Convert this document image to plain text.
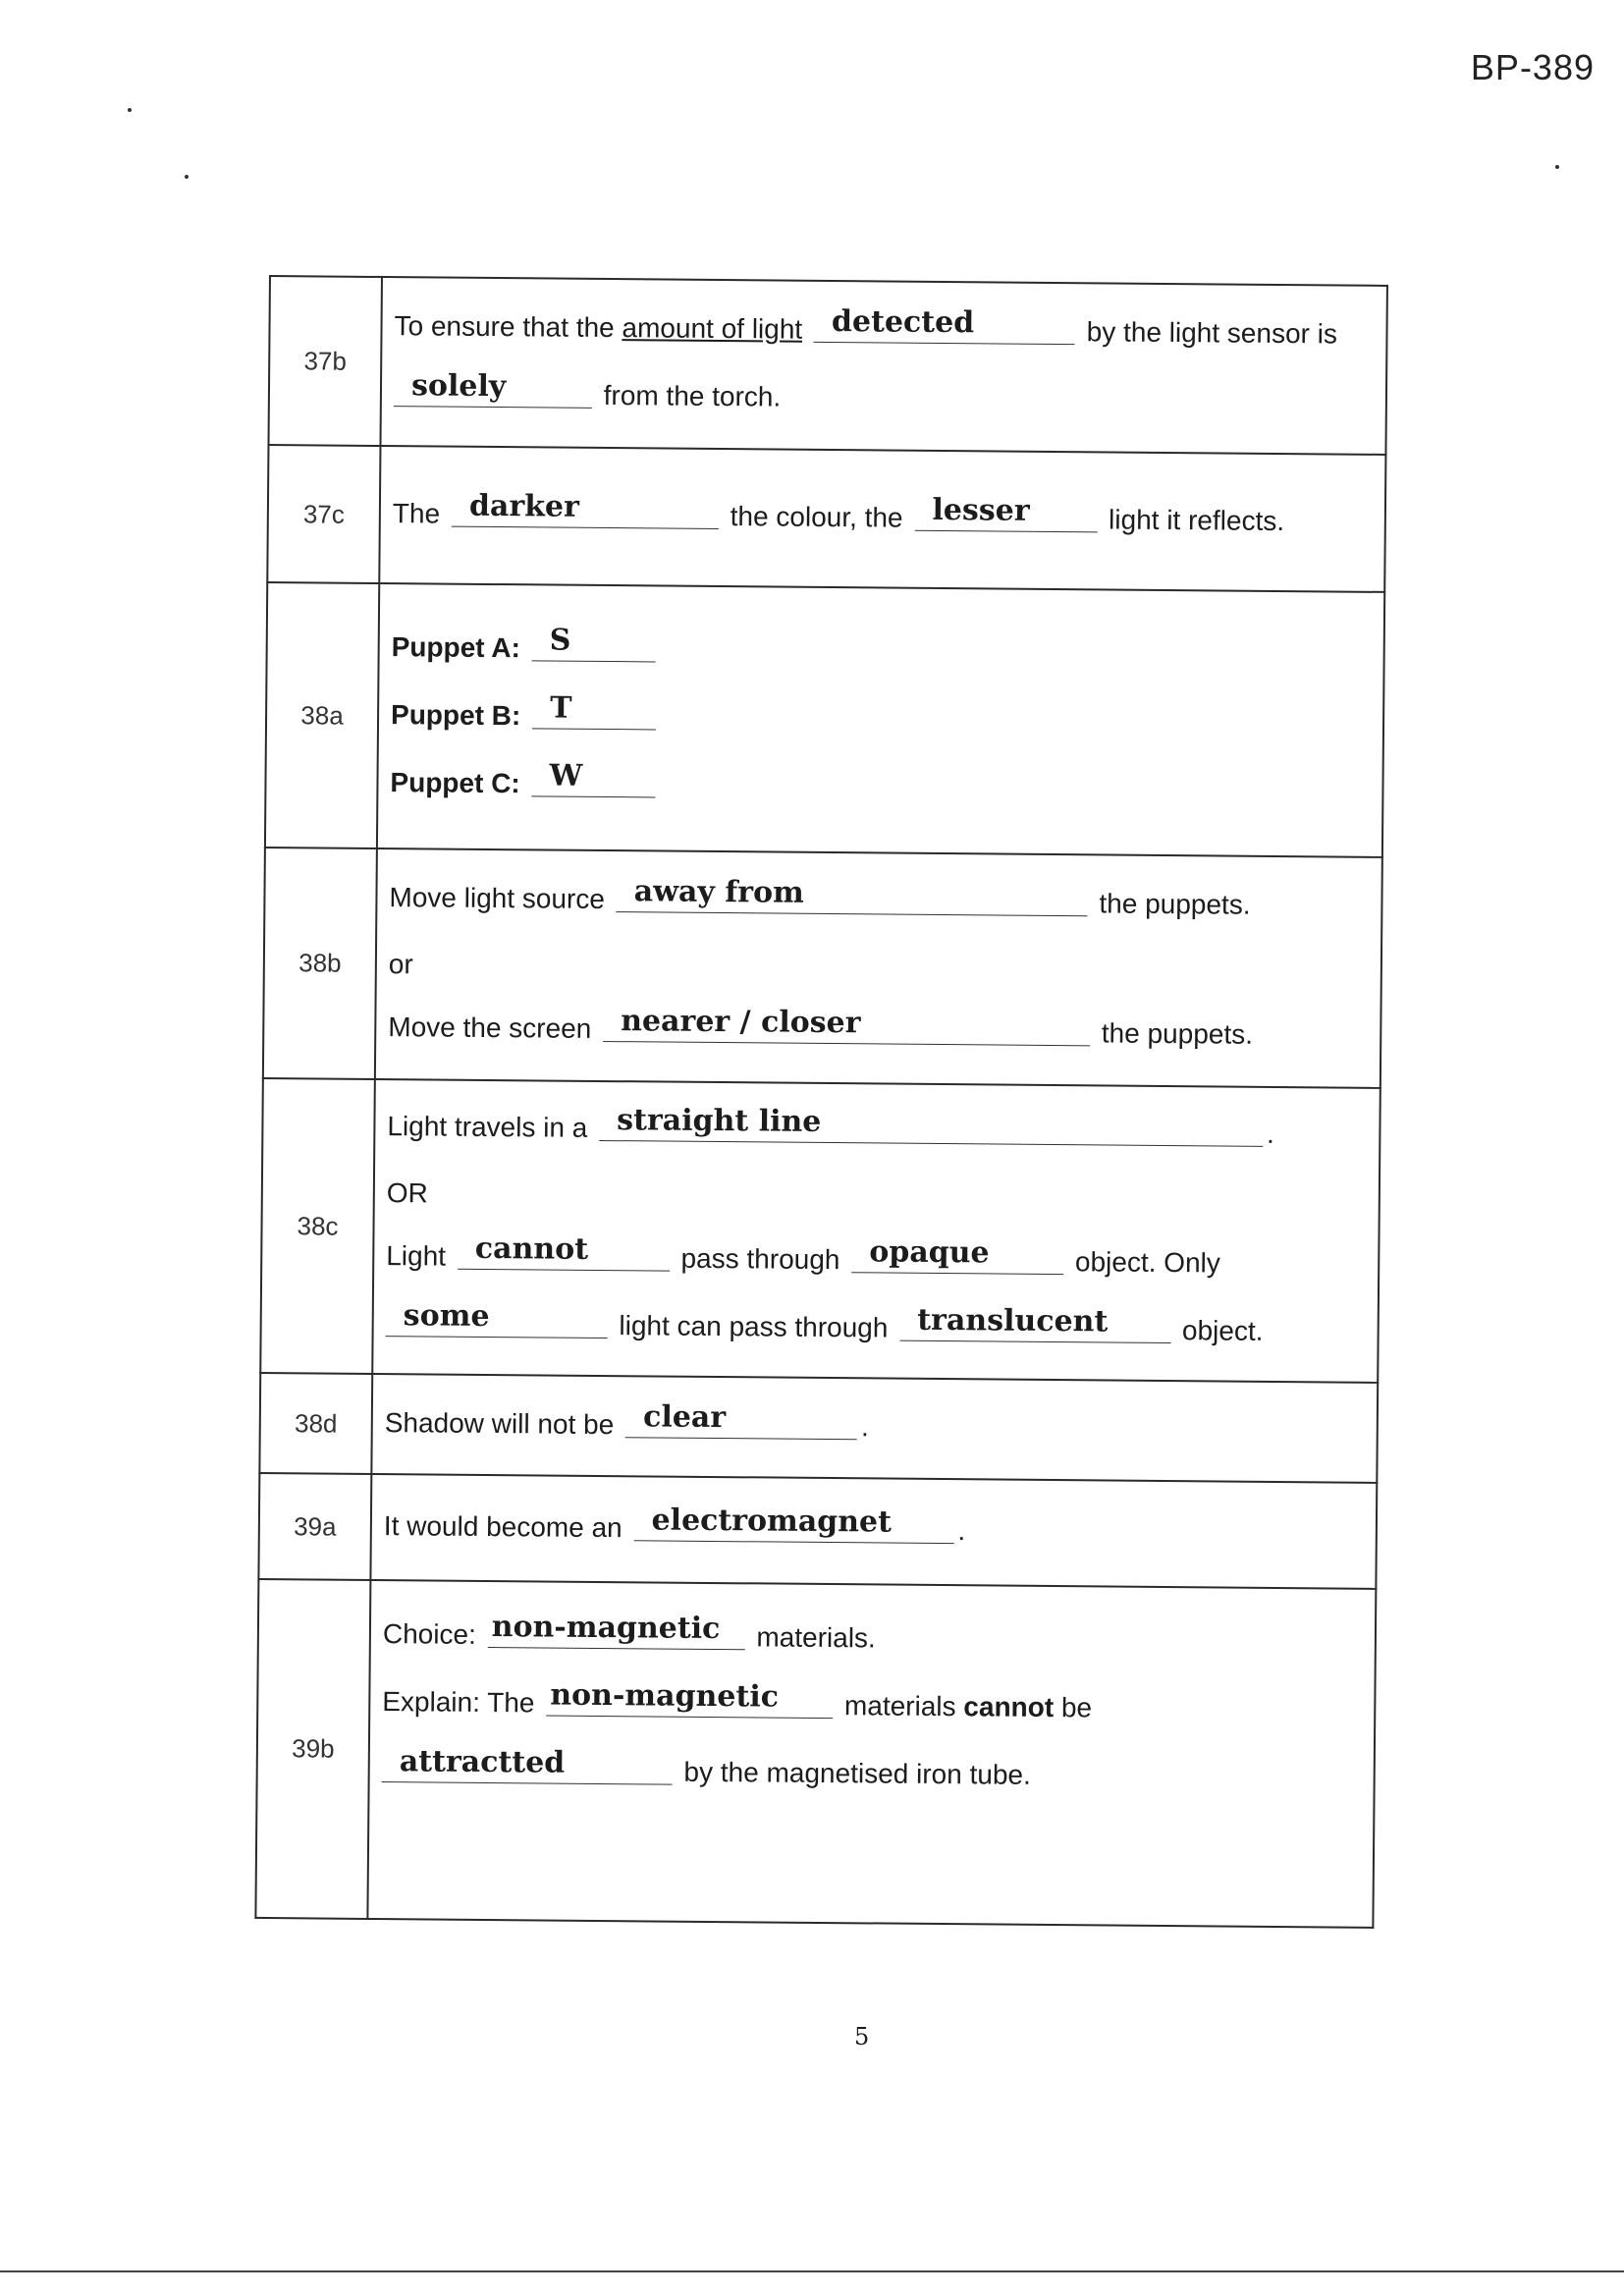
BP-389
37b	To ensure that the amount of light detected by the light sensor is
solely from the torch.

37c	The darker the colour, the lesser light it reflects.

38a	Puppet A: S
Puppet B: T
Puppet C: W

38b	Move light source away from the puppets.
or
Move the screen nearer / closer the puppets.

38c	Light travels in a straight line .
OR
Light cannot pass through opaque object. Only
some light can pass through translucent object.

38d	Shadow will not be clear .

39a	It would become an electromagnet .

39b	Choice: non-magnetic materials.
Explain: The non-magnetic materials cannot be
attractted by the magnetised iron tube.
5
